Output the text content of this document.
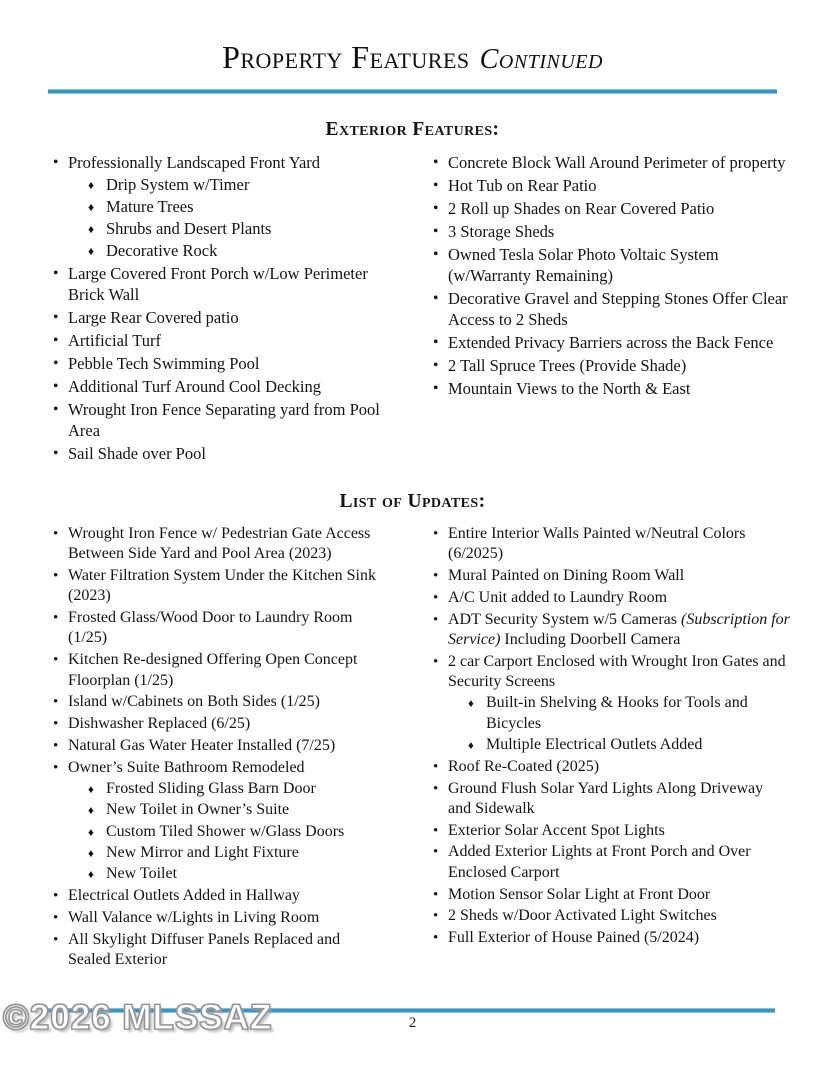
Property Features Continued
Exterior Features:
• Professionally Landscaped Front Yard
♦ Drip System w/Timer
♦ Mature Trees
♦ Shrubs and Desert Plants
♦ Decorative Rock
• Large Covered Front Porch w/Low Perimeter Brick Wall
• Large Rear Covered patio
• Artificial Turf
• Pebble Tech Swimming Pool
• Additional Turf Around Cool Decking
• Wrought Iron Fence Separating yard from Pool Area
• Sail Shade over Pool
• Concrete Block Wall Around Perimeter of property
• Hot Tub on Rear Patio
• 2 Roll up Shades on Rear Covered Patio
• 3 Storage Sheds
• Owned Tesla Solar Photo Voltaic System (w/Warranty Remaining)
• Decorative Gravel and Stepping Stones Offer Clear Access to 2 Sheds
• Extended Privacy Barriers across the Back Fence
• 2 Tall Spruce Trees (Provide Shade)
• Mountain Views to the North & East
List of Updates:
• Wrought Iron Fence w/ Pedestrian Gate Access Between Side Yard and Pool Area (2023)
• Water Filtration System Under the Kitchen Sink (2023)
• Frosted Glass/Wood Door to Laundry Room (1/25)
• Kitchen Re-designed Offering Open Concept Floorplan (1/25)
• Island w/Cabinets on Both Sides (1/25)
• Dishwasher Replaced (6/25)
• Natural Gas Water Heater Installed (7/25)
• Owner’s Suite Bathroom Remodeled
♦ Frosted Sliding Glass Barn Door
♦ New Toilet in Owner’s Suite
♦ Custom Tiled Shower w/Glass Doors
♦ New Mirror and Light Fixture
♦ New Toilet
• Electrical Outlets Added in Hallway
• Wall Valance w/Lights in Living Room
• All Skylight Diffuser Panels Replaced and Sealed Exterior
• Entire Interior Walls Painted w/Neutral Colors (6/2025)
• Mural Painted on Dining Room Wall
• A/C Unit added to Laundry Room
• ADT Security System w/5 Cameras (Subscription for Service) Including Doorbell Camera
• 2 car Carport Enclosed with Wrought Iron Gates and Security Screens
♦ Built-in Shelving & Hooks for Tools and Bicycles
♦ Multiple Electrical Outlets Added
• Roof Re-Coated (2025)
• Ground Flush Solar Yard Lights Along Driveway and Sidewalk
• Exterior Solar Accent Spot Lights
• Added Exterior Lights at Front Porch and Over Enclosed Carport
• Motion Sensor Solar Light at Front Door
• 2 Sheds w/Door Activated Light Switches
• Full Exterior of House Pained (5/2024)
©2026 MLSSAZ	2
